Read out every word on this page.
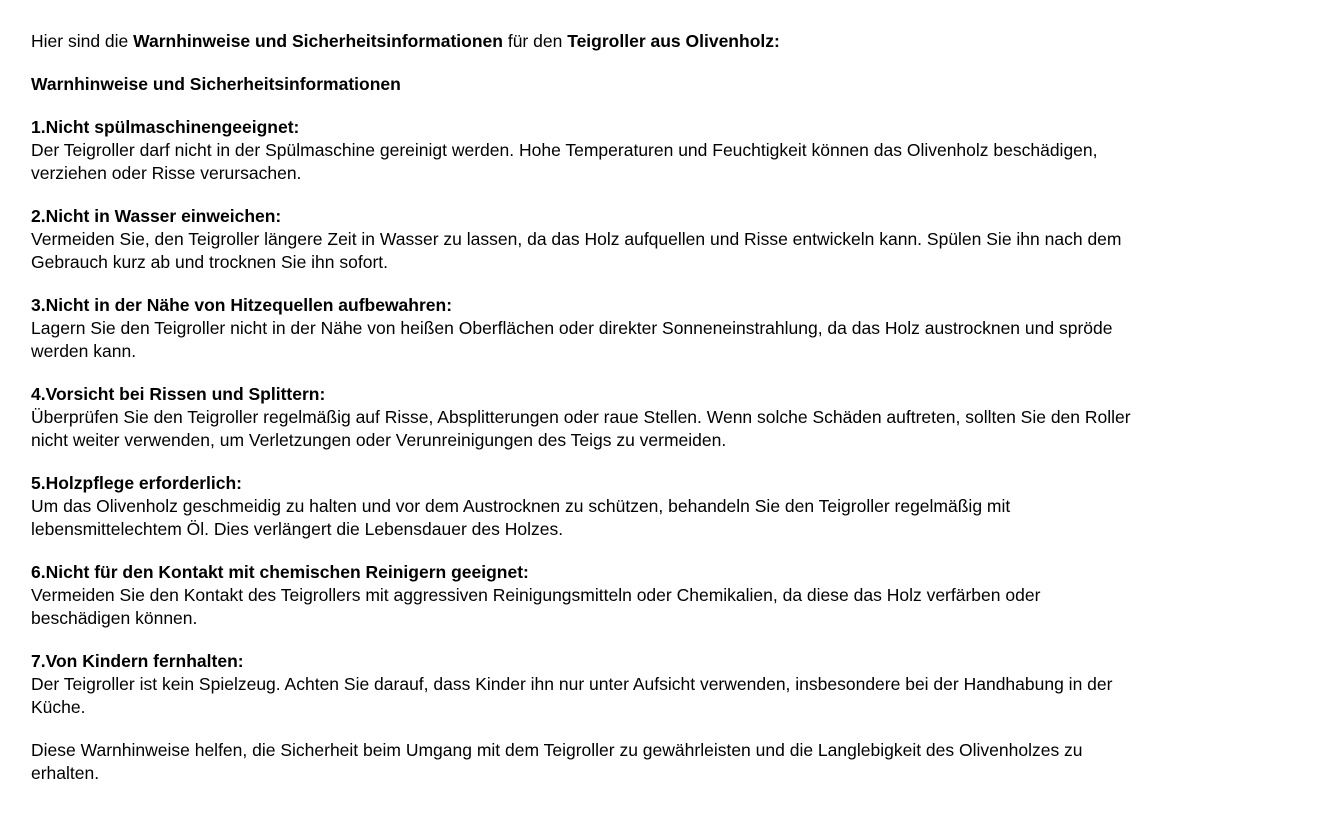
Hier sind die Warnhinweise und Sicherheitsinformationen für den Teigroller aus Olivenholz:

Warnhinweise und Sicherheitsinformationen

1.Nicht spülmaschinengeeignet:

Der Teigroller darf nicht in der Spülmaschine gereinigt werden. Hohe Temperaturen und Feuchtigkeit können das Olivenholz beschädigen,

verziehen oder Risse verursachen.

2.Nicht in Wasser einweichen:

Vermeiden Sie, den Teigroller längere Zeit in Wasser zu lassen, da das Holz aufquellen und Risse entwickeln kann. Spülen Sie ihn nach dem

Gebrauch kurz ab und trocknen Sie ihn sofort.

3.Nicht in der Nähe von Hitzequellen aufbewahren:

Lagern Sie den Teigroller nicht in der Nähe von heißen Oberflächen oder direkter Sonneneinstrahlung, da das Holz austrocknen und spröde

werden kann.

4.Vorsicht bei Rissen und Splittern:

Überprüfen Sie den Teigroller regelmäßig auf Risse, Absplitterungen oder raue Stellen. Wenn solche Schäden auftreten, sollten Sie den Roller

nicht weiter verwenden, um Verletzungen oder Verunreinigungen des Teigs zu vermeiden.

5.Holzpflege erforderlich:

Um das Olivenholz geschmeidig zu halten und vor dem Austrocknen zu schützen, behandeln Sie den Teigroller regelmäßig mit

lebensmittelechtem Öl. Dies verlängert die Lebensdauer des Holzes.

6.Nicht für den Kontakt mit chemischen Reinigern geeignet:

Vermeiden Sie den Kontakt des Teigrollers mit aggressiven Reinigungsmitteln oder Chemikalien, da diese das Holz verfärben oder

beschädigen können.

7.Von Kindern fernhalten:

Der Teigroller ist kein Spielzeug. Achten Sie darauf, dass Kinder ihn nur unter Aufsicht verwenden, insbesondere bei der Handhabung in der

Küche.

Diese Warnhinweise helfen, die Sicherheit beim Umgang mit dem Teigroller zu gewährleisten und die Langlebigkeit des Olivenholzes zu

erhalten.
